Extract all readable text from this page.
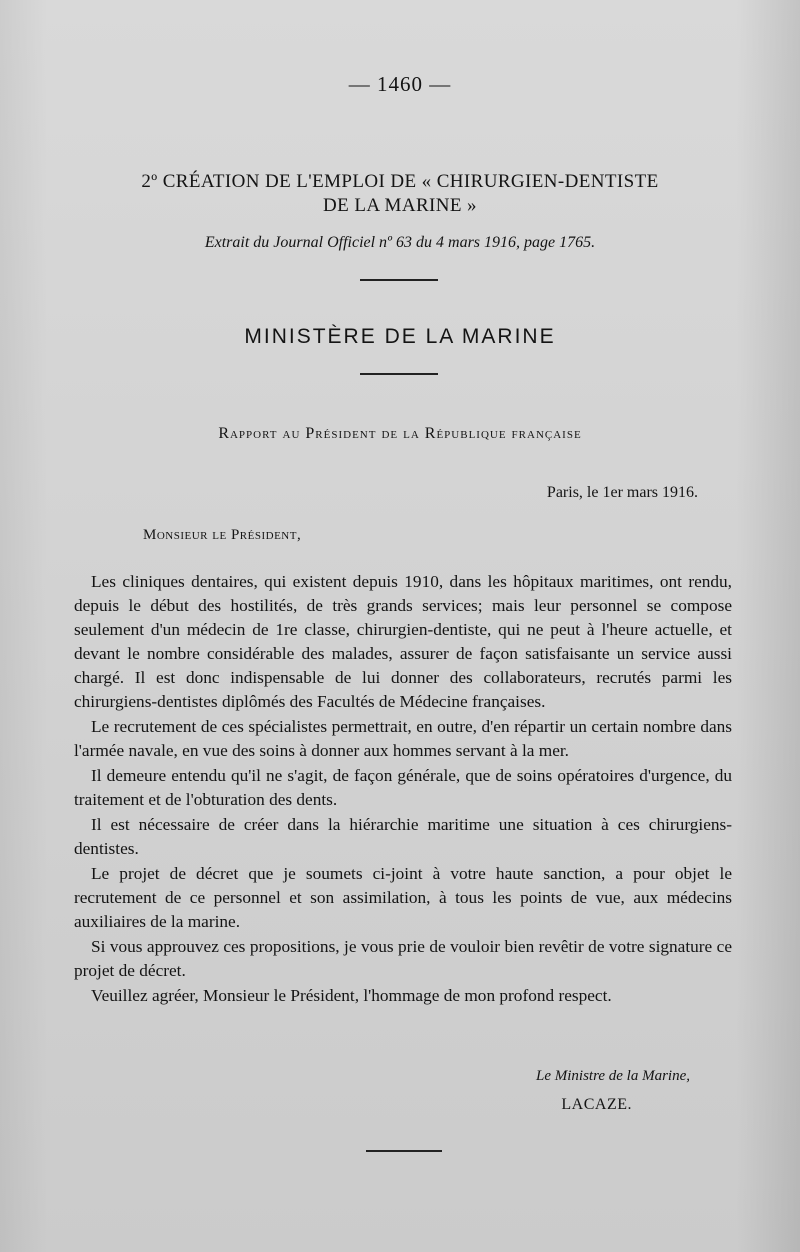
— 1460 —
2º CRÉATION DE L'EMPLOI DE « CHIRURGIEN-DENTISTE
DE LA MARINE »
Extrait du Journal Officiel nº 63 du 4 mars 1916, page 1765.
MINISTÈRE DE LA MARINE
Rapport au Président de la République française
Paris, le 1er mars 1916.
Monsieur le Président,

Les cliniques dentaires, qui existent depuis 1910, dans les hôpitaux maritimes, ont rendu, depuis le début des hostilités, de très grands services; mais leur personnel se compose seulement d'un médecin de 1re classe, chirurgien-dentiste, qui ne peut à l'heure actuelle, et devant le nombre considérable des malades, assurer de façon satisfaisante un service aussi chargé. Il est donc indispensable de lui donner des collaborateurs, recrutés parmi les chirurgiens-dentistes diplômés des Facultés de Médecine françaises.

Le recrutement de ces spécialistes permettrait, en outre, d'en répartir un certain nombre dans l'armée navale, en vue des soins à donner aux hommes servant à la mer.

Il demeure entendu qu'il ne s'agit, de façon générale, que de soins opératoires d'urgence, du traitement et de l'obturation des dents.

Il est nécessaire de créer dans la hiérarchie maritime une situation à ces chirurgiens-dentistes.

Le projet de décret que je soumets ci-joint à votre haute sanction, a pour objet le recrutement de ce personnel et son assimilation, à tous les points de vue, aux médecins auxiliaires de la marine.

Si vous approuvez ces propositions, je vous prie de vouloir bien revêtir de votre signature ce projet de décret.

Veuillez agréer, Monsieur le Président, l'hommage de mon profond respect.

Le Ministre de la Marine,
LACAZE.
